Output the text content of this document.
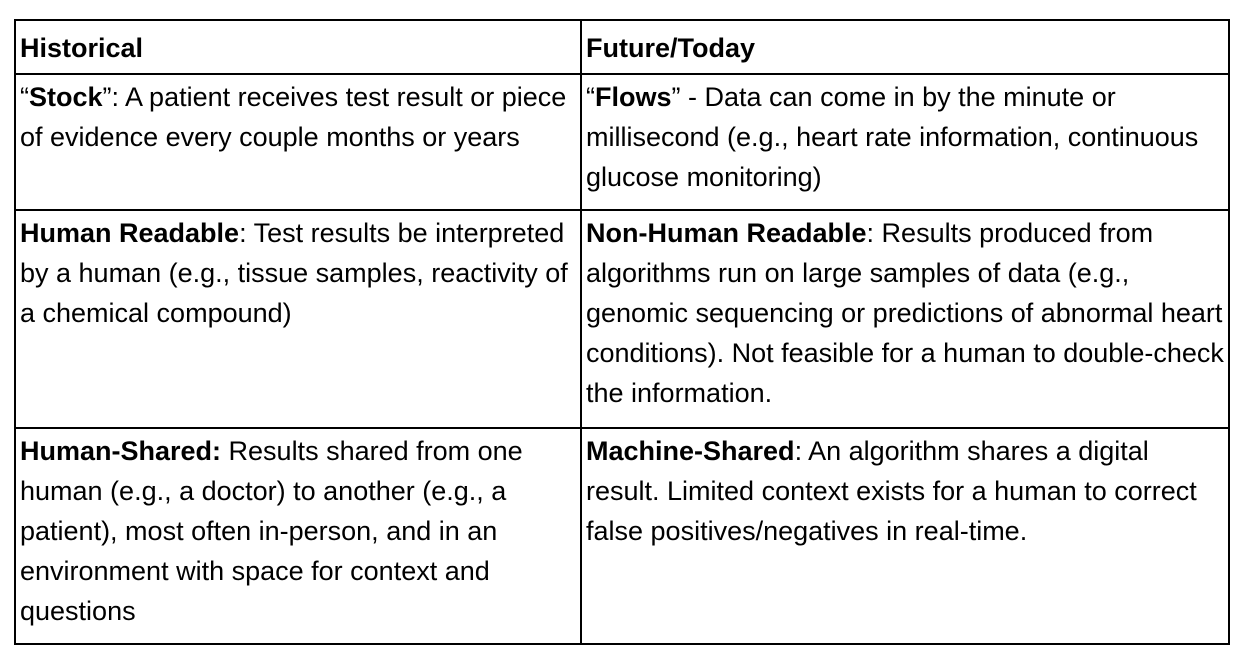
Historical	Future/Today
“Stock”: A patient receives test result or piece of evidence every couple months or years	“Flows” - Data can come in by the minute or millisecond (e.g., heart rate information, continuous glucose monitoring)
Human Readable: Test results be interpreted by a human (e.g., tissue samples, reactivity of a chemical compound)	Non-Human Readable: Results produced from algorithms run on large samples of data (e.g., genomic sequencing or predictions of abnormal heart conditions). Not feasible for a human to double-check the information.
Human-Shared: Results shared from one human (e.g., a doctor) to another (e.g., a patient), most often in-person, and in an environment with space for context and questions	Machine-Shared: An algorithm shares a digital result. Limited context exists for a human to correct false positives/negatives in real-time.
